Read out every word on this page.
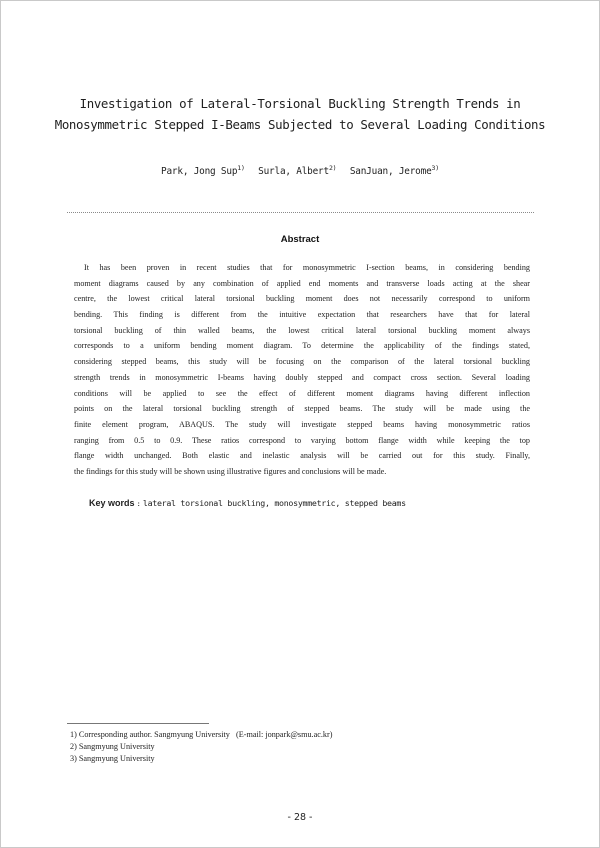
Investigation of Lateral-Torsional Buckling Strength Trends in
Monosymmetric Stepped I-Beams Subjected to Several Loading Conditions
Park, Jong Sup$^{1)}$ Surla, Albert$^{2)}$ SanJuan, Jerome$^{3)}$
Abstract
It has been proven in recent studies that for monosymmetric I-section beams, in considering bending
moment diagrams caused by any combination of applied end moments and transverse loads acting at the shear
centre, the lowest critical lateral torsional buckling moment does not necessarily correspond to uniform
bending. This finding is different from the intuitive expectation that researchers have that for lateral
torsional buckling of thin walled beams, the lowest critical lateral torsional buckling moment always
corresponds to a uniform bending moment diagram. To determine the applicability of the findings stated,
considering stepped beams, this study will be focusing on the comparison of the lateral torsional buckling
strength trends in monosymmetric I-beams having doubly stepped and compact cross section. Several loading
conditions will be applied to see the effect of different moment diagrams having different inflection
points on the lateral torsional buckling strength of stepped beams. The study will be made using the
finite element program, ABAQUS. The study will investigate stepped beams having monosymmetric ratios
ranging from 0.5 to 0.9. These ratios correspond to varying bottom flange width while keeping the top
flange width unchanged. Both elastic and inelastic analysis will be carried out for this study. Finally,
the findings for this study will be shown using illustrative figures and conclusions will be made.
Key words : lateral torsional buckling, monosymmetric, stepped beams
1) Corresponding author. Sangmyung University   (E-mail: jonpark@smu.ac.kr)
2) Sangmyung University
3) Sangmyung University
- 28 -
